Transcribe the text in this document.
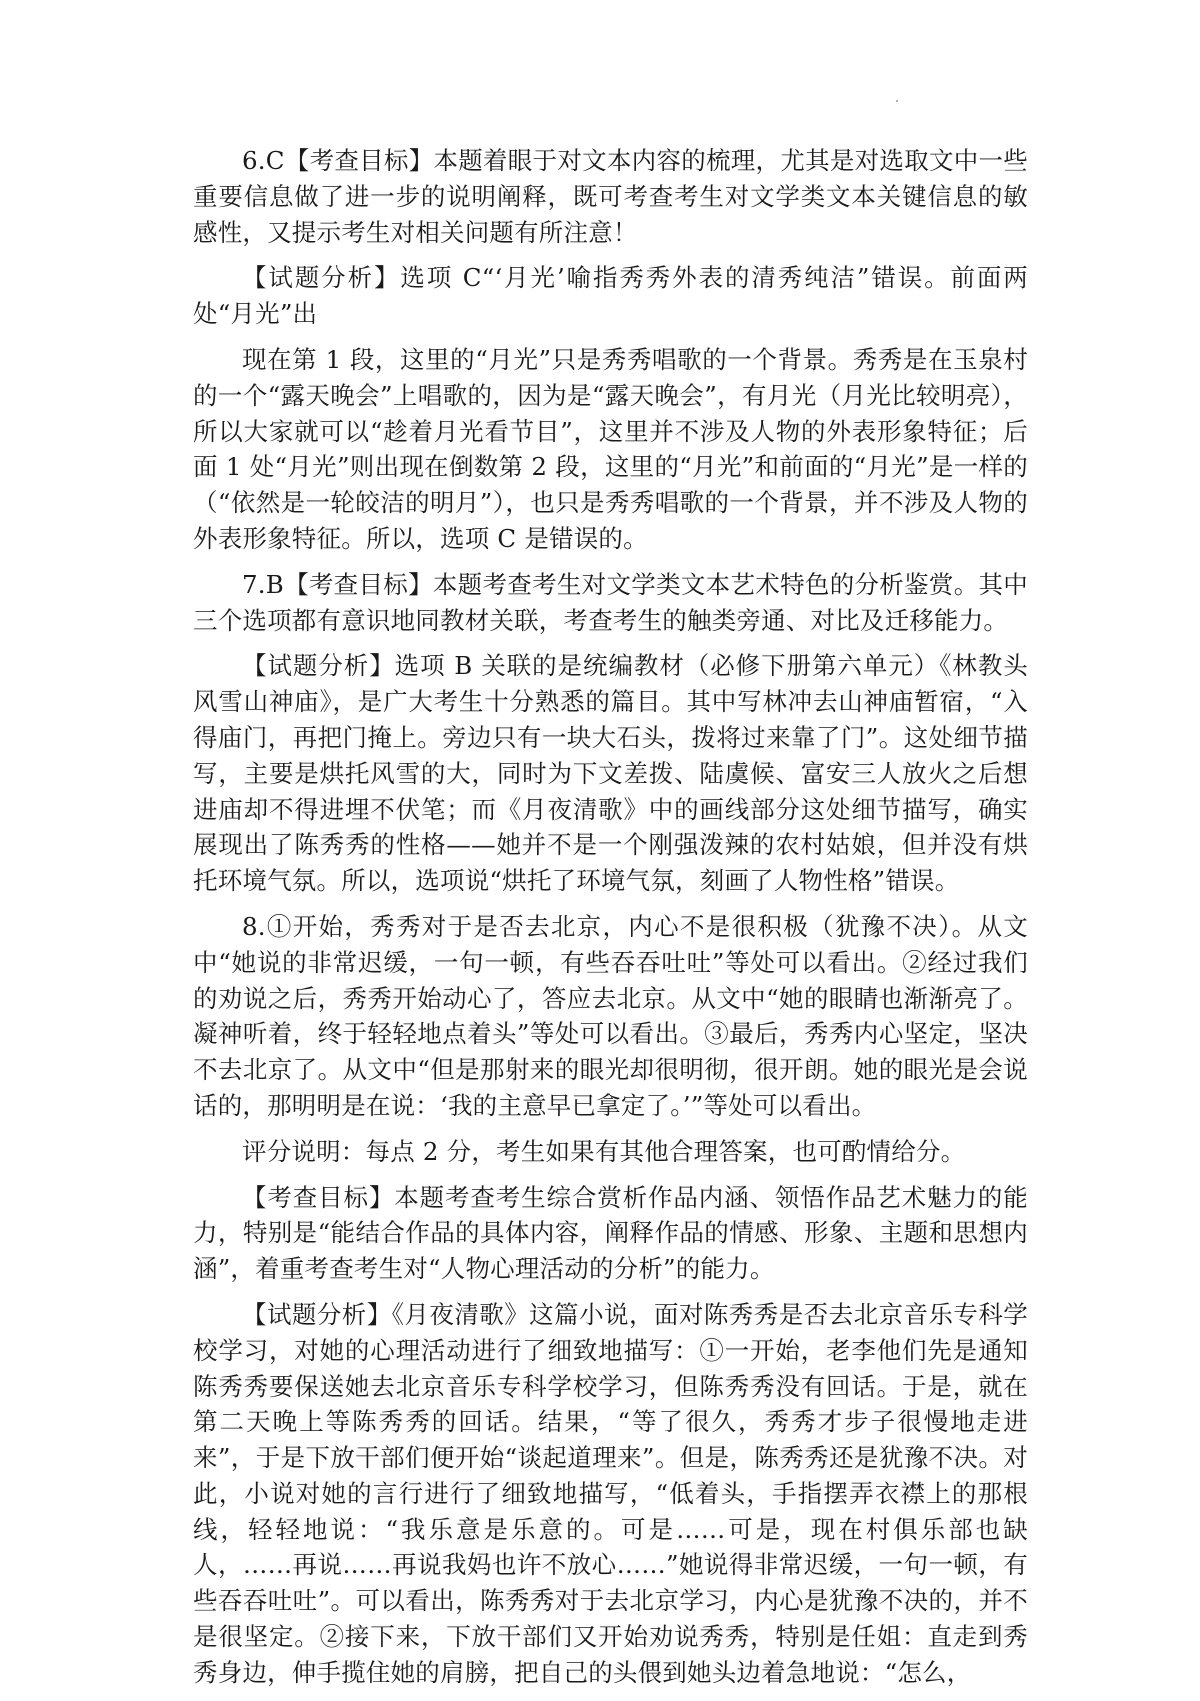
6.C【考查目标】本题着眼于对文本内容的梳理，尤其是对选取文中一些重要信息做了进一步的说明阐释，既可考查考生对文学类文本关键信息的敏感性，又提示考生对相关问题有所注意！

【试题分析】选项 C“‘月光’喻指秀秀外表的清秀纯洁”错误。前面两处“月光”出

现在第 1 段，这里的“月光”只是秀秀唱歌的一个背景。秀秀是在玉泉村的一个“露天晚会”上唱歌的，因为是“露天晚会”，有月光（月光比较明亮），所以大家就可以“趁着月光看节目”，这里并不涉及人物的外表形象特征；后面 1 处“月光”则出现在倒数第 2 段，这里的“月光”和前面的“月光”是一样的（“依然是一轮皎洁的明月”），也只是秀秀唱歌的一个背景，并不涉及人物的外表形象特征。所以，选项 C 是错误的。

7.B【考查目标】本题考查考生对文学类文本艺术特色的分析鉴赏。其中三个选项都有意识地同教材关联，考查考生的触类旁通、对比及迁移能力。

【试题分析】选项 B 关联的是统编教材（必修下册第六单元）《林教头风雪山神庙》，是广大考生十分熟悉的篇目。其中写林冲去山神庙暂宿，“入得庙门，再把门掩上。旁边只有一块大石头，拨将过来靠了门”。这处细节描写，主要是烘托风雪的大，同时为下文差拨、陆虞候、富安三人放火之后想进庙却不得进埋不伏笔；而《月夜清歌》中的画线部分这处细节描写，确实展现出了陈秀秀的性格——她并不是一个刚强泼辣的农村姑娘，但并没有烘托环境气氛。所以，选项说“烘托了环境气氛，刻画了人物性格”错误。

8.①开始，秀秀对于是否去北京，内心不是很积极（犹豫不决）。从文中“她说的非常迟缓，一句一顿，有些吞吞吐吐”等处可以看出。②经过我们的劝说之后，秀秀开始动心了，答应去北京。从文中“她的眼睛也渐渐亮了。凝神听着，终于轻轻地点着头”等处可以看出。③最后，秀秀内心坚定，坚决不去北京了。从文中“但是那射来的眼光却很明彻，很开朗。她的眼光是会说话的，那明明是在说：‘我的主意早已拿定了。’”等处可以看出。

评分说明：每点 2 分，考生如果有其他合理答案，也可酌情给分。

【考查目标】本题考查考生综合赏析作品内涵、领悟作品艺术魅力的能力，特别是“能结合作品的具体内容，阐释作品的情感、形象、主题和思想内涵”，着重考查考生对“人物心理活动的分析”的能力。

【试题分析】《月夜清歌》这篇小说，面对陈秀秀是否去北京音乐专科学校学习，对她的心理活动进行了细致地描写：①一开始，老李他们先是通知陈秀秀要保送她去北京音乐专科学校学习，但陈秀秀没有回话。于是，就在第二天晚上等陈秀秀的回话。结果，“等了很久，秀秀才步子很慢地走进来”，于是下放干部们便开始“谈起道理来”。但是，陈秀秀还是犹豫不决。对此，小说对她的言行进行了细致地描写，“低着头，手指摆弄衣襟上的那根线，轻轻地说：“我乐意是乐意的。可是……可是，现在村俱乐部也缺人，……再说……再说我妈也许不放心……”她说得非常迟缓，一句一顿，有些吞吞吐吐”。可以看出，陈秀秀对于去北京学习，内心是犹豫不决的，并不是很坚定。②接下来，下放干部们又开始劝说秀秀，特别是任姐：直走到秀秀身边，伸手揽住她的肩膀，把自己的头偎到她头边着急地说：“怎么，
